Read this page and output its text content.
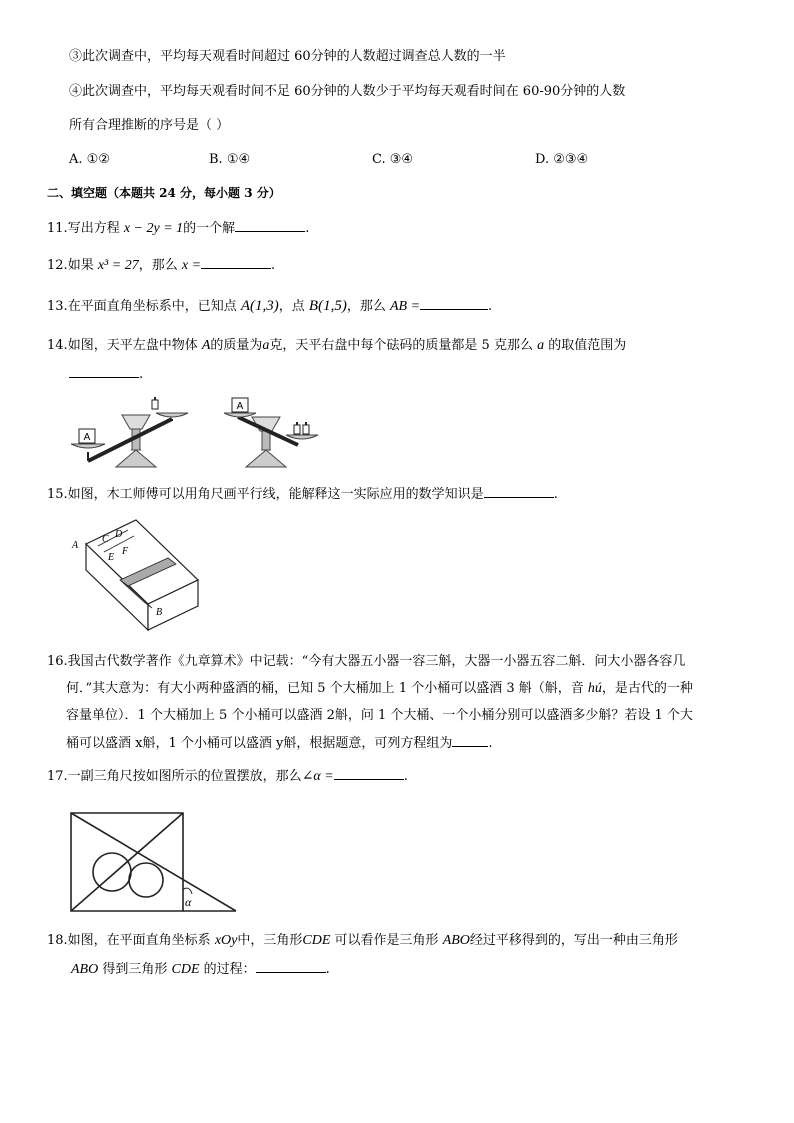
③此次调查中，平均每天观看时间超过 60分钟的人数超过调查总人数的一半
④此次调查中，平均每天观看时间不足 60分钟的人数少于平均每天观看时间在 60-90分钟的人数
所有合理推断的序号是（ ）
A. ①②	B. ①④	C. ③④	D. ②③④
二、填空题（本题共 24 分，每小题 3 分）
11.写出方程 x − 2y = 1的一个解	.
12.如果 x³ = 27，那么 x =	.
13.在平面直角坐标系中，已知点 A(1,3)，点 B(1,5)，那么 AB =	.
14.如图，天平左盘中物体 A的质量为a克，天平右盘中每个砝码的质量都是 5 克那么 a 的取值范围为
.
A
A
15.如图，木工师傅可以用角尺画平行线，能解释这一实际应用的数学知识是	.
A
C D
E
F
B
16.我国古代数学著作《九章算术》中记载：“今有大器五小器一容三斛，大器一小器五容二斛．问大小器各容几
何．”其大意为：有大小两种盛酒的桶，已知 5 个大桶加上 1 个小桶可以盛酒 3 斛（斛，音 hú，是古代的一种
容量单位）．1 个大桶加上 5 个小桶可以盛酒 2斛，问 1 个大桶、一个小桶分别可以盛酒多少斛？若设 1 个大
桶可以盛酒 x斛，1 个小桶可以盛酒 y斛，根据题意，可列方程组为	.
17.一副三角尺按如图所示的位置摆放，那么∠α =	.
α
18.如图，在平面直角坐标系 xOy中，三角形CDE 可以看作是三角形 ABO经过平移得到的，写出一种由三角形
ABO 得到三角形 CDE 的过程：	.
